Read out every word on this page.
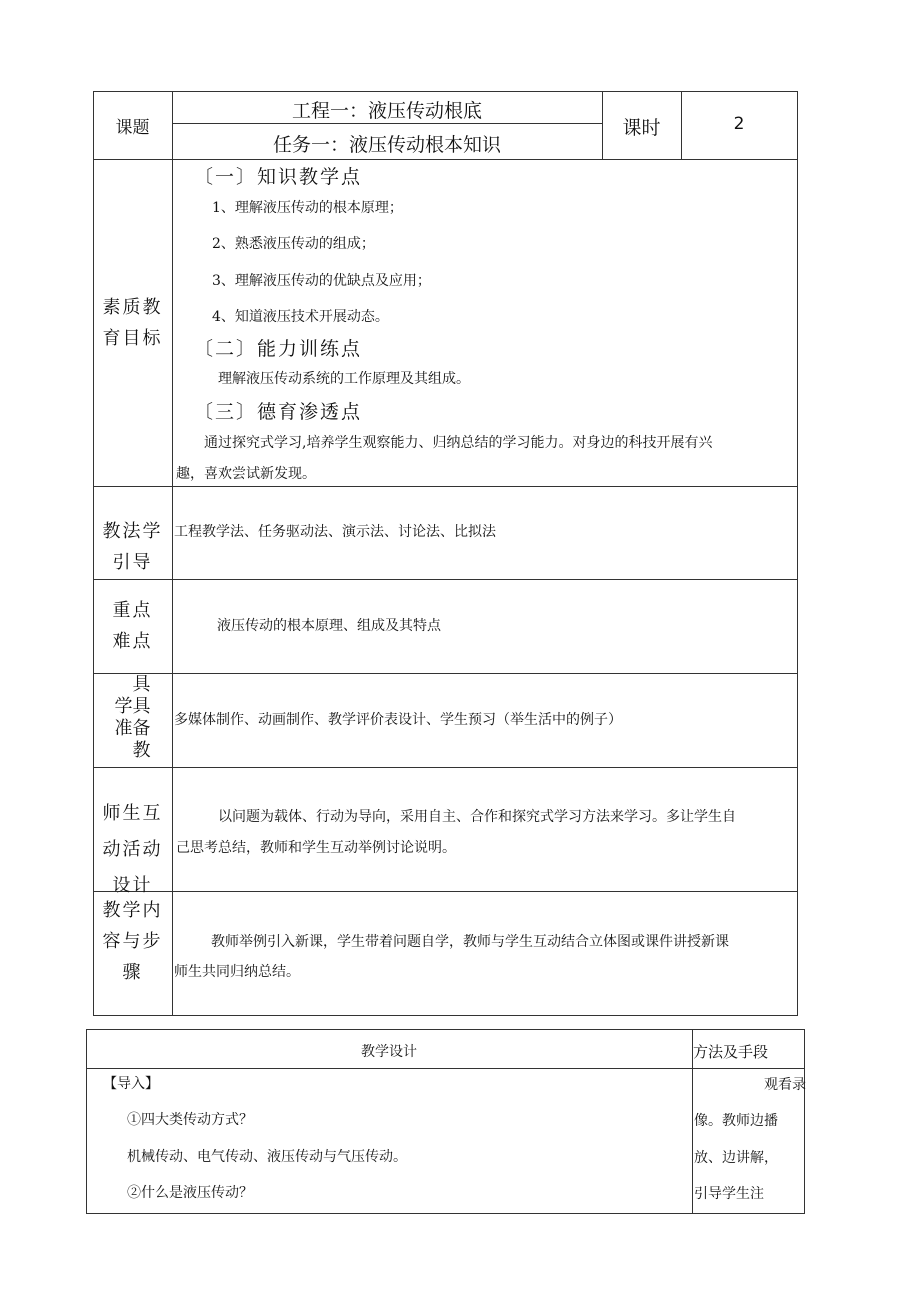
课题
工程一：液压传动根底
任务一：液压传动根本知识
课时	2
素质教
育目标
〔一〕知识教学点
1、理解液压传动的根本原理；
2、熟悉液压传动的组成；
3、理解液压传动的优缺点及应用；
4、知道液压技术开展动态。
〔二〕能力训练点
理解液压传动系统的工作原理及其组成。
〔三〕德育渗透点
通过探究式学习,培养学生观察能力、归纳总结的学习能力。对身边的科技开展有兴
趣，喜欢尝试新发现。
教法学
引导
工程教学法、任务驱动法、演示法、讨论法、比拟法
重点
难点
液压传动的根本原理、组成及其特点
具
学具
准备
教
多媒体制作、动画制作、教学评价表设计、学生预习（举生活中的例子）
师生互
动活动
设计
以问题为载体、行动为导向，采用自主、合作和探究式学习方法来学习。多让学生自
己思考总结，教师和学生互动举例讨论说明。
教学内
容与步
骤
教师举例引入新课，学生带着问题自学，教师与学生互动结合立体图或课件讲授新课
师生共同归纳总结。
教学设计	方法及手段
【导入】
①四大类传动方式？
机械传动、电气传动、液压传动与气压传动。
②什么是液压传动？
观看录
像。教师边播
放、边讲解，
引导学生注
